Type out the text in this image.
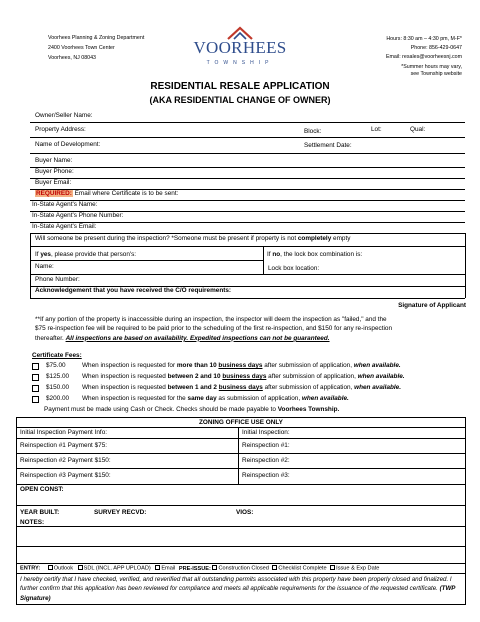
Voorhees Planning & Zoning Department
2400 Voorhees Town Center
Voorhees, NJ 08043
VOORHEES
TOWNSHIP
Hours: 8:30 am – 4:30 pm, M-F*
Phone: 856-429-0647
Email: resales@voorheesnj.com
*Summer hours may vary,
see Township website
RESIDENTIAL RESALE APPLICATION
(AKA RESIDENTIAL CHANGE OF OWNER)
Owner/Seller Name:
Property Address:	Block:	Lot:	Qual:
Name of Development:	Settlement Date:
Buyer Name:
Buyer Phone:
Buyer Email:
REQUIRED: Email where Certificate is to be sent:
In-State Agent's Name:
In-State Agent's Phone Number:
In-State Agent's Email:
Will someone be present during the inspection? *Someone must be present if property is not completely empty
If yes, please provide that person's:	If no, the lock box combination is:
Name:	Lock box location:
Phone Number:
Acknowledgement that you have received the C/O requirements:
Signature of Applicant
**If any portion of the property is inaccessible during an inspection, the inspector will deem the inspection as "failed," and the
$75 re-inspection fee will be required to be paid prior to the scheduling of the first re-inspection, and $150 for any re-inspection
thereafter. All inspections are based on availability. Expedited inspections can not be guaranteed.
Certificate Fees:
$75.00	When inspection is requested for more than 10 business days after submission of application, when available.
$125.00 When inspection is requested between 2 and 10 business days after submission of application, when available.
$150.00 When inspection is requested between 1 and 2 business days after submission of application, when available.
$200.00 When inspection is requested for the same day as submission of application, when available.
Payment must be made using Cash or Check. Checks should be made payable to Voorhees Township.
ZONING OFFICE USE ONLY
Initial Inspection Payment Info:	Initial Inspection:
Reinspection #1 Payment $75:	Reinspection #1:
Reinspection #2 Payment $150:	Reinspection #2:
Reinspection #3 Payment $150:	Reinspection #3:
OPEN CONST:
YEAR BUILT:	SURVEY RECVD:	VIOS:
NOTES:
ENTRY: Outlook SDL (INCL. APP UPLOAD) Email PRE-ISSUE: Construction Closed Checklist Complete Issue & Exp Date
I hereby certify that I have checked, verified, and reverified that all outstanding permits associated with this property have been properly closed and finalized. I further confirm that this application has been reviewed for compliance and meets all applicable requirements for the issuance of the requested certificate. (TWP Signature)
